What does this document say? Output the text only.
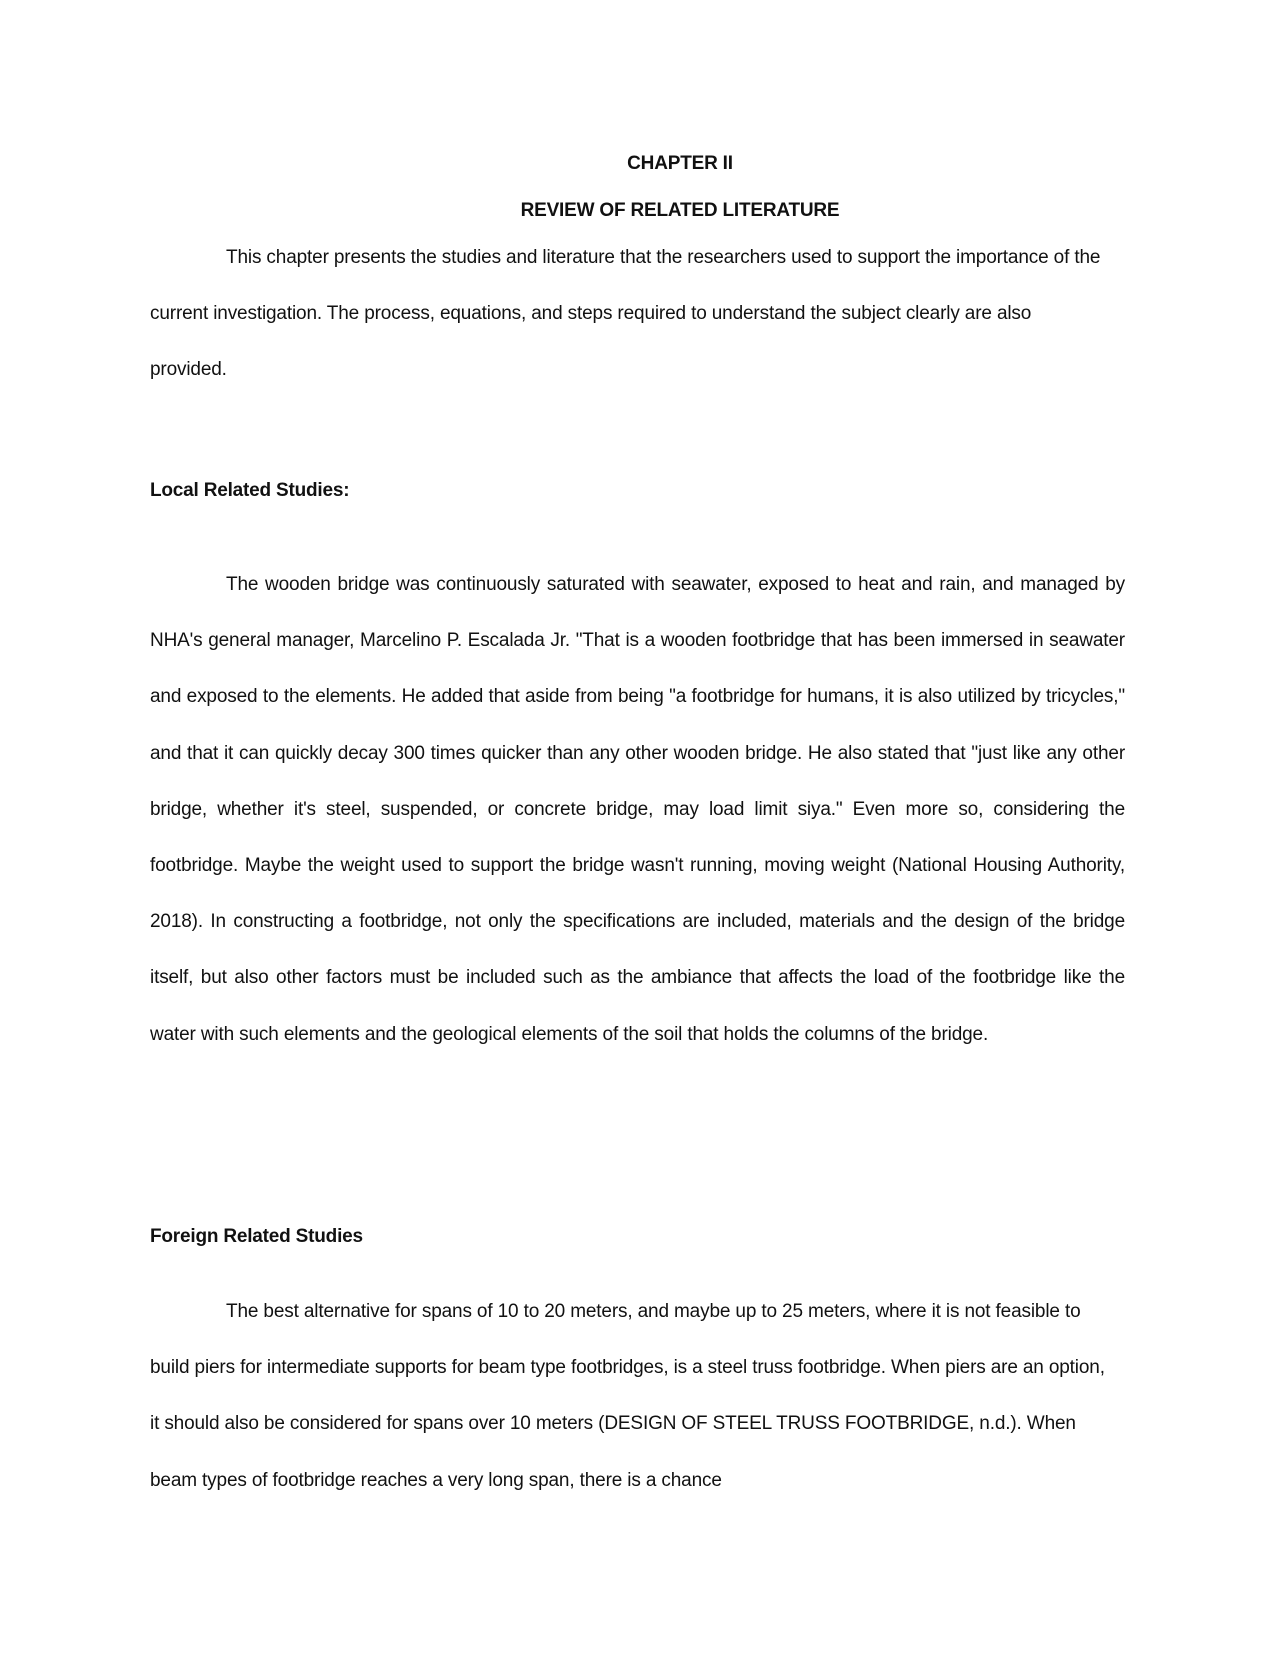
CHAPTER II
REVIEW OF RELATED LITERATURE

This chapter presents the studies and literature that the researchers used to support the importance of the current investigation. The process, equations, and steps required to understand the subject clearly are also provided.

Local Related Studies:

The wooden bridge was continuously saturated with seawater, exposed to heat and rain, and managed by NHA's general manager, Marcelino P. Escalada Jr. "That is a wooden footbridge that has been immersed in seawater and exposed to the elements. He added that aside from being "a footbridge for humans, it is also utilized by tricycles," and that it can quickly decay 300 times quicker than any other wooden bridge. He also stated that "just like any other bridge, whether it's steel, suspended, or concrete bridge, may load limit siya." Even more so, considering the footbridge. Maybe the weight used to support the bridge wasn't running, moving weight (National Housing Authority, 2018). In constructing a footbridge, not only the specifications are included, materials and the design of the bridge itself, but also other factors must be included such as the ambiance that affects the load of the footbridge like the water with such elements and the geological elements of the soil that holds the columns of the bridge.

Foreign Related Studies

The best alternative for spans of 10 to 20 meters, and maybe up to 25 meters, where it is not feasible to build piers for intermediate supports for beam type footbridges, is a steel truss footbridge. When piers are an option, it should also be considered for spans over 10 meters (DESIGN OF STEEL TRUSS FOOTBRIDGE, n.d.). When beam types of footbridge reaches a very long span, there is a chance
